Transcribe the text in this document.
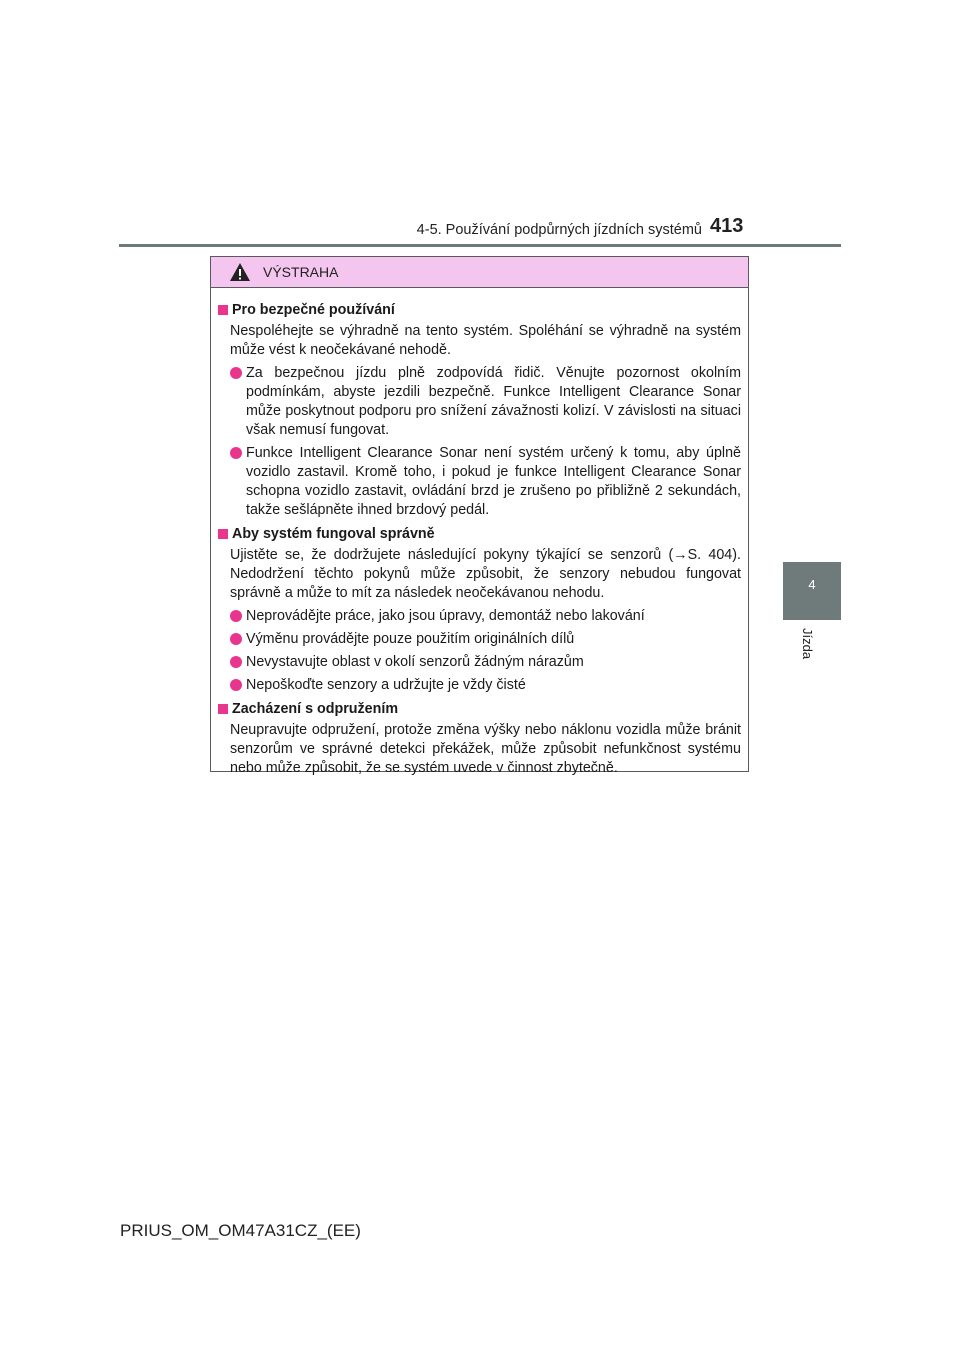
4-5. Používání podpůrných jízdních systémů 413
4
Jízda
VÝSTRAHA
Pro bezpečné používání
Nespoléhejte se výhradně na tento systém. Spoléhání se výhradně na systém může vést k neočekávané nehodě.
Za bezpečnou jízdu plně zodpovídá řidič. Věnujte pozornost okolním podmínkám, abyste jezdili bezpečně. Funkce Intelligent Clearance Sonar může poskytnout podporu pro snížení závažnosti kolizí. V závislosti na situaci však nemusí fungovat.
Funkce Intelligent Clearance Sonar není systém určený k tomu, aby úplně vozidlo zastavil. Kromě toho, i pokud je funkce Intelligent Clearance Sonar schopna vozidlo zastavit, ovládání brzd je zrušeno po přibližně 2 sekundách, takže sešlápněte ihned brzdový pedál.
Aby systém fungoval správně
Ujistěte se, že dodržujete následující pokyny týkající se senzorů (→S. 404). Nedodržení těchto pokynů může způsobit, že senzory nebudou fungovat správně a může to mít za následek neočekávanou nehodu.
Neprovádějte práce, jako jsou úpravy, demontáž nebo lakování
Výměnu provádějte pouze použitím originálních dílů
Nevystavujte oblast v okolí senzorů žádným nárazům
Nepoškoďte senzory a udržujte je vždy čisté
Zacházení s odpružením
Neupravujte odpružení, protože změna výšky nebo náklonu vozidla může bránit senzorům ve správné detekci překážek, může způsobit nefunkčnost systému nebo může způsobit, že se systém uvede v činnost zbytečně.
PRIUS_OM_OM47A31CZ_(EE)
